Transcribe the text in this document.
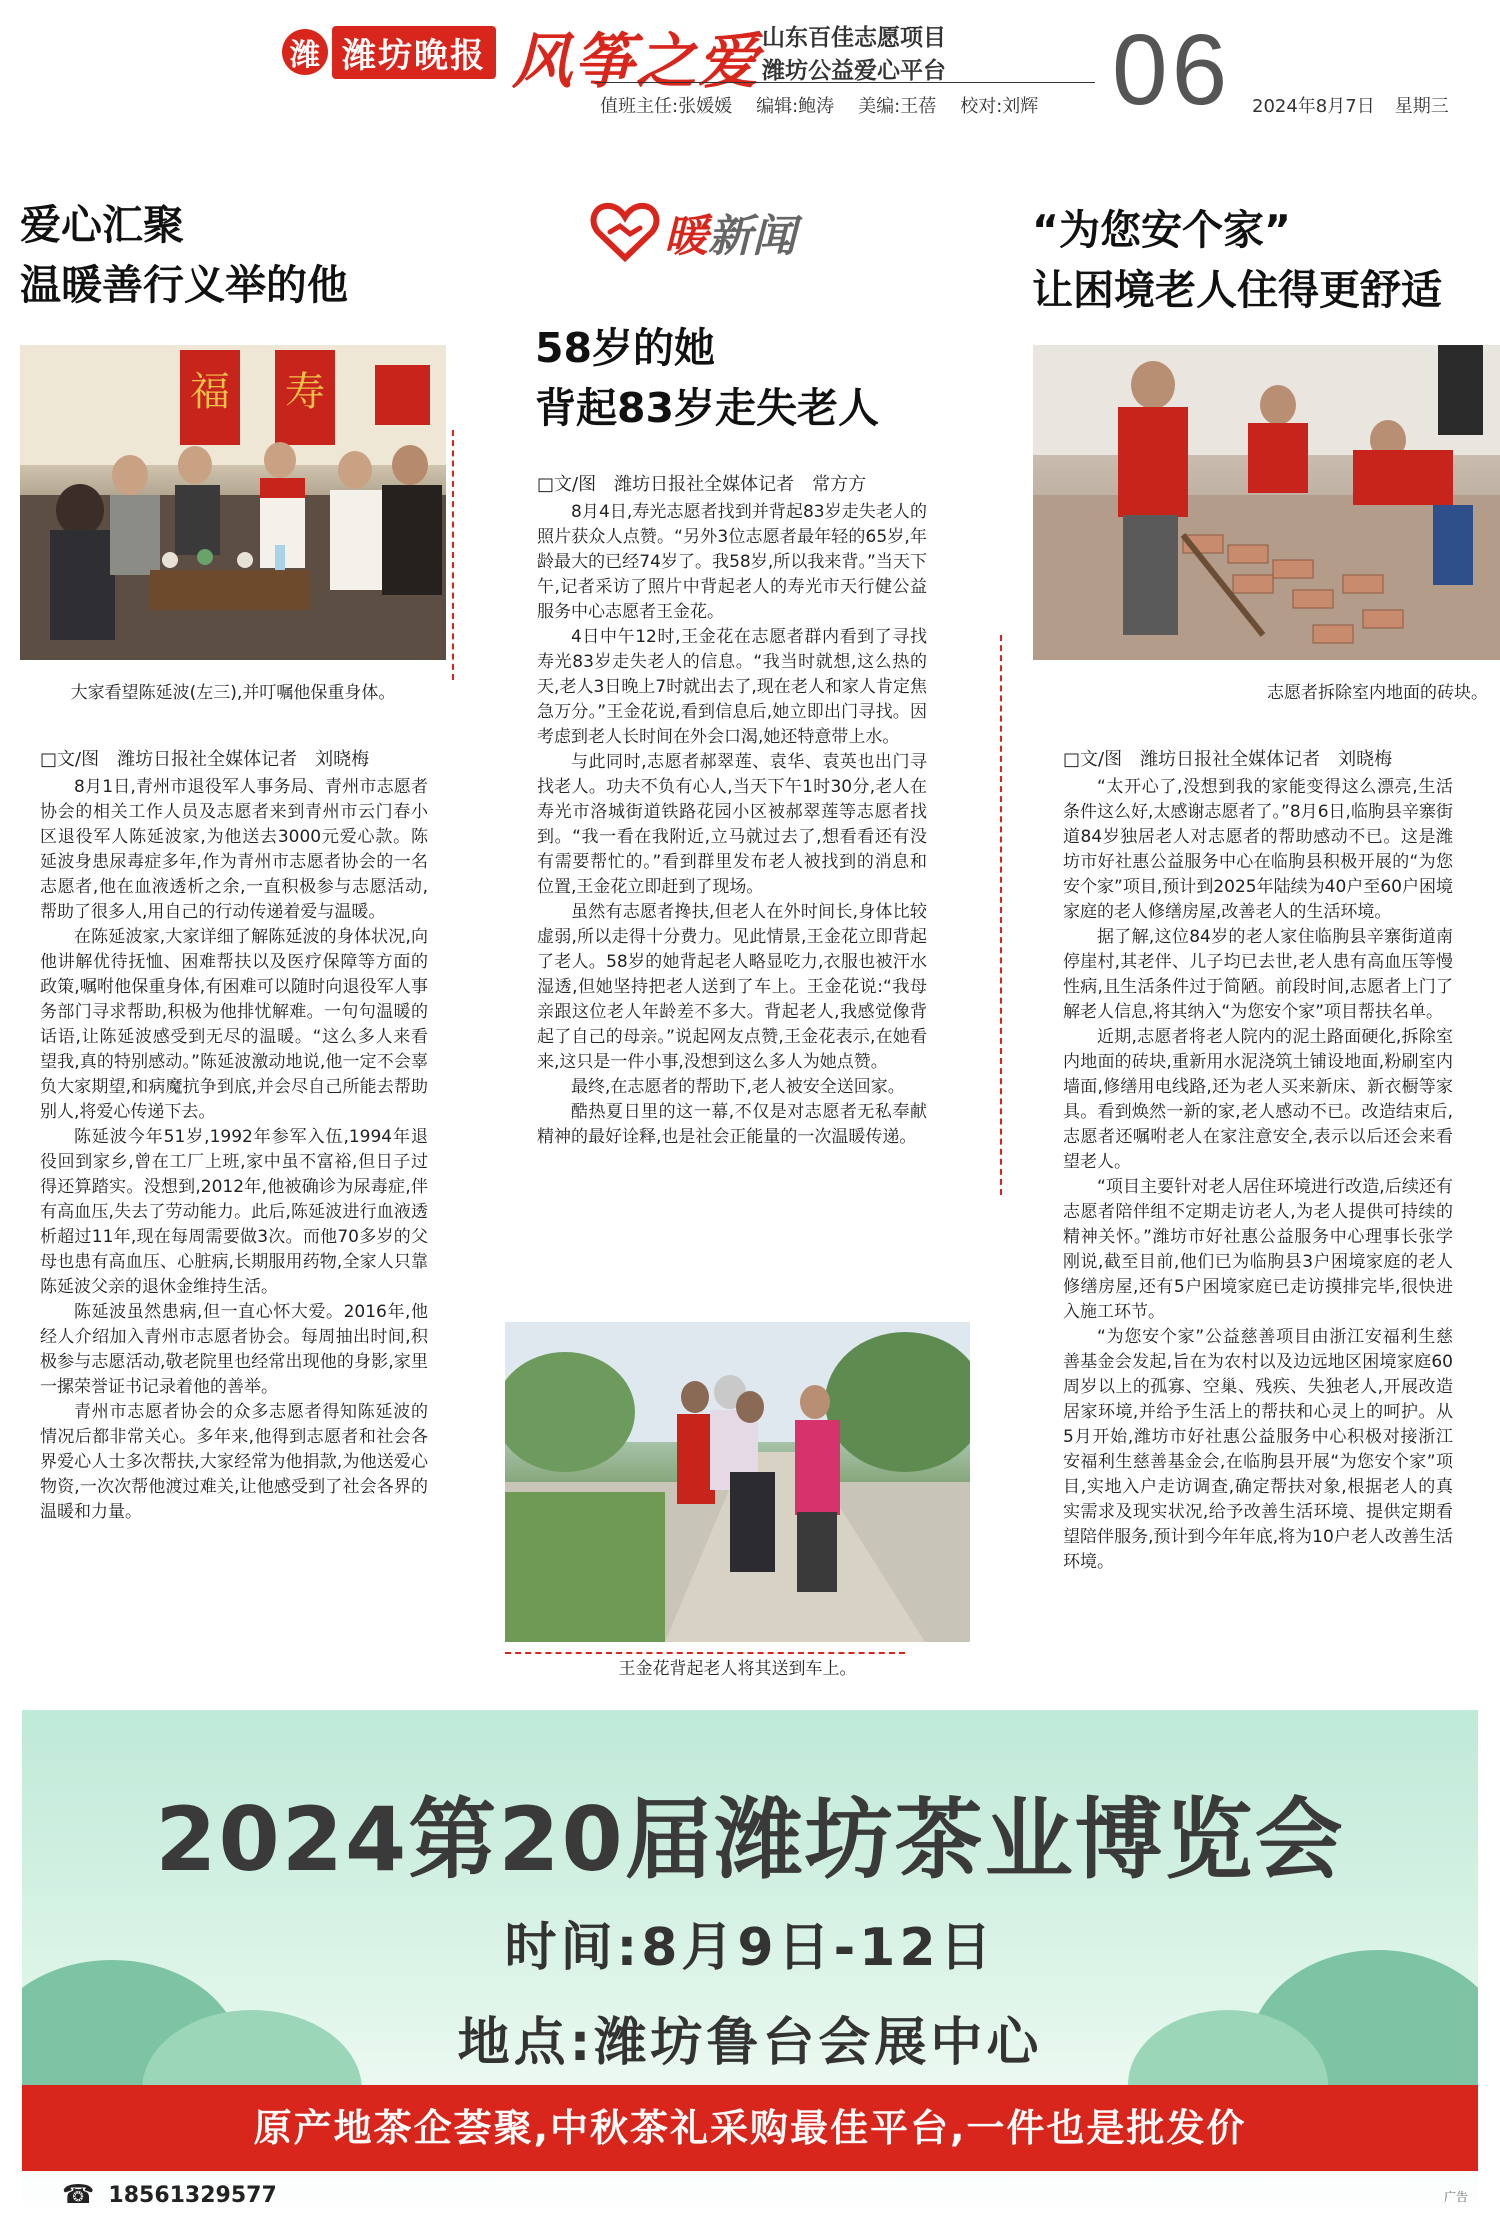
潍 潍坊晚报 风筝之爱 山东百佳志愿项目
潍坊公益爱心平台 06
值班主任:张媛媛 编辑:鲍涛 美编:王蓓 校对:刘辉	2024年8月7日 星期三
爱心汇聚
温暖善行义举的他
福 寿
大家看望陈延波(左三),并叮嘱他保重身体。
□文/图　潍坊日报社全媒体记者　刘晓梅

8月1日,青州市退役军人事务局、青州市志愿者协会的相关工作人员及志愿者来到青州市云门春小区退役军人陈延波家,为他送去3000元爱心款。陈延波身患尿毒症多年,作为青州市志愿者协会的一名志愿者,他在血液透析之余,一直积极参与志愿活动,帮助了很多人,用自己的行动传递着爱与温暖。

在陈延波家,大家详细了解陈延波的身体状况,向他讲解优待抚恤、困难帮扶以及医疗保障等方面的政策,嘱咐他保重身体,有困难可以随时向退役军人事务部门寻求帮助,积极为他排忧解难。一句句温暖的话语,让陈延波感受到无尽的温暖。“这么多人来看望我,真的特别感动。”陈延波激动地说,他一定不会辜负大家期望,和病魔抗争到底,并会尽自己所能去帮助别人,将爱心传递下去。

陈延波今年51岁,1992年参军入伍,1994年退役回到家乡,曾在工厂上班,家中虽不富裕,但日子过得还算踏实。没想到,2012年,他被确诊为尿毒症,伴有高血压,失去了劳动能力。此后,陈延波进行血液透析超过11年,现在每周需要做3次。而他70多岁的父母也患有高血压、心脏病,长期服用药物,全家人只靠陈延波父亲的退休金维持生活。

陈延波虽然患病,但一直心怀大爱。2016年,他经人介绍加入青州市志愿者协会。每周抽出时间,积极参与志愿活动,敬老院里也经常出现他的身影,家里一摞荣誉证书记录着他的善举。

青州市志愿者协会的众多志愿者得知陈延波的情况后都非常关心。多年来,他得到志愿者和社会各界爱心人士多次帮扶,大家经常为他捐款,为他送爱心物资,一次次帮他渡过难关,让他感受到了社会各界的温暖和力量。

暖新闻
58岁的她
背起83岁走失老人
□文/图　潍坊日报社全媒体记者　常方方

8月4日,寿光志愿者找到并背起83岁走失老人的照片获众人点赞。“另外3位志愿者最年轻的65岁,年龄最大的已经74岁了。我58岁,所以我来背。”当天下午,记者采访了照片中背起老人的寿光市天行健公益服务中心志愿者王金花。

4日中午12时,王金花在志愿者群内看到了寻找寿光83岁走失老人的信息。“我当时就想,这么热的天,老人3日晚上7时就出去了,现在老人和家人肯定焦急万分。”王金花说,看到信息后,她立即出门寻找。因考虑到老人长时间在外会口渴,她还特意带上水。

与此同时,志愿者郝翠莲、袁华、袁英也出门寻找老人。功夫不负有心人,当天下午1时30分,老人在寿光市洛城街道铁路花园小区被郝翠莲等志愿者找到。“我一看在我附近,立马就过去了,想看看还有没有需要帮忙的。”看到群里发布老人被找到的消息和位置,王金花立即赶到了现场。

虽然有志愿者搀扶,但老人在外时间长,身体比较虚弱,所以走得十分费力。见此情景,王金花立即背起了老人。58岁的她背起老人略显吃力,衣服也被汗水湿透,但她坚持把老人送到了车上。王金花说:“我母亲跟这位老人年龄差不多大。背起老人,我感觉像背起了自己的母亲。”说起网友点赞,王金花表示,在她看来,这只是一件小事,没想到这么多人为她点赞。

最终,在志愿者的帮助下,老人被安全送回家。

酷热夏日里的这一幕,不仅是对志愿者无私奉献精神的最好诠释,也是社会正能量的一次温暖传递。

王金花背起老人将其送到车上。
“为您安个家”
让困境老人住得更舒适
志愿者拆除室内地面的砖块。
□文/图　潍坊日报社全媒体记者　刘晓梅

“太开心了,没想到我的家能变得这么漂亮,生活条件这么好,太感谢志愿者了。”8月6日,临朐县辛寨街道84岁独居老人对志愿者的帮助感动不已。这是潍坊市好社惠公益服务中心在临朐县积极开展的“为您安个家”项目,预计到2025年陆续为40户至60户困境家庭的老人修缮房屋,改善老人的生活环境。

据了解,这位84岁的老人家住临朐县辛寨街道南停崖村,其老伴、儿子均已去世,老人患有高血压等慢性病,且生活条件过于简陋。前段时间,志愿者上门了解老人信息,将其纳入“为您安个家”项目帮扶名单。

近期,志愿者将老人院内的泥土路面硬化,拆除室内地面的砖块,重新用水泥浇筑土铺设地面,粉刷室内墙面,修缮用电线路,还为老人买来新床、新衣橱等家具。看到焕然一新的家,老人感动不已。改造结束后,志愿者还嘱咐老人在家注意安全,表示以后还会来看望老人。

“项目主要针对老人居住环境进行改造,后续还有志愿者陪伴组不定期走访老人,为老人提供可持续的精神关怀。”潍坊市好社惠公益服务中心理事长张学刚说,截至目前,他们已为临朐县3户困境家庭的老人修缮房屋,还有5户困境家庭已走访摸排完毕,很快进入施工环节。

“为您安个家”公益慈善项目由浙江安福利生慈善基金会发起,旨在为农村以及边远地区困境家庭60周岁以上的孤寡、空巢、残疾、失独老人,开展改造居家环境,并给予生活上的帮扶和心灵上的呵护。从5月开始,潍坊市好社惠公益服务中心积极对接浙江安福利生慈善基金会,在临朐县开展“为您安个家”项目,实地入户走访调查,确定帮扶对象,根据老人的真实需求及现实状况,给予改善生活环境、提供定期看望陪伴服务,预计到今年年底,将为10户老人改善生活环境。

2024第20届潍坊茶业博览会
时间:8月9日-12日
地点:潍坊鲁台会展中心
原产地茶企荟聚,中秋茶礼采购最佳平台,一件也是批发价
☎ 18561329577	广告
